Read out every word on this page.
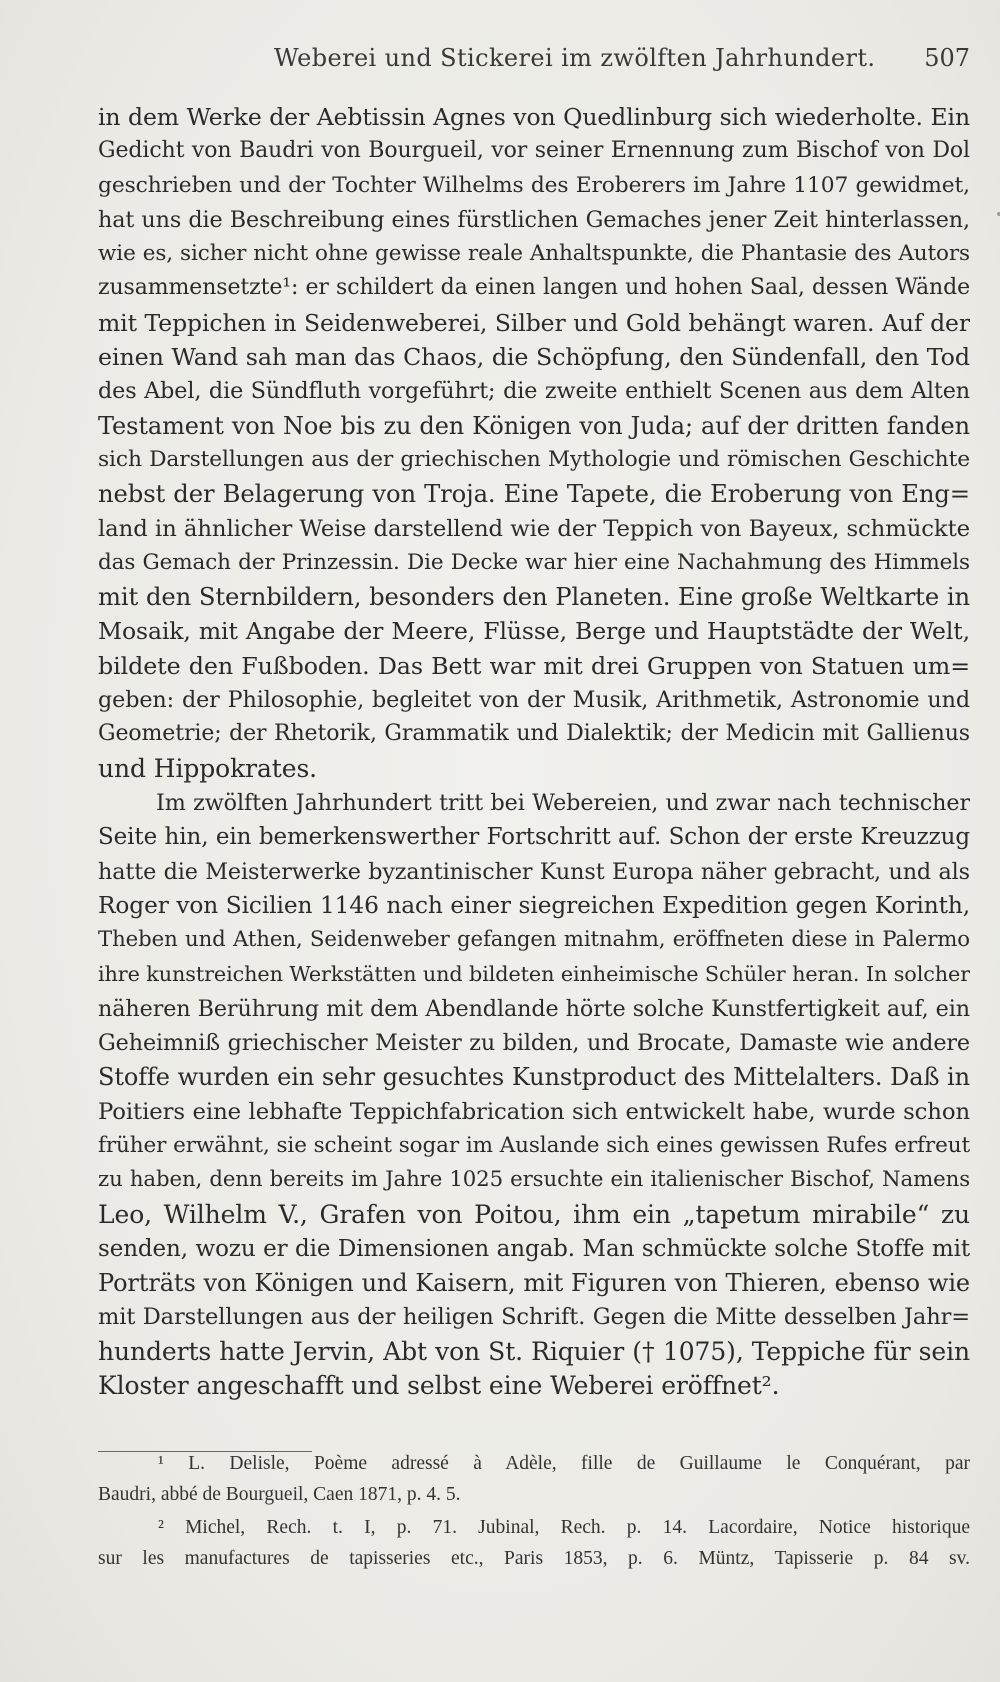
Weberei und Stickerei im zwölften Jahrhundert. 507
in dem Werke der Aebtissin Agnes von Quedlinburg sich wiederholte. Ein
Gedicht von Baudri von Bourgueil, vor seiner Ernennung zum Bischof von Dol
geschrieben und der Tochter Wilhelms des Eroberers im Jahre 1107 gewidmet,
hat uns die Beschreibung eines fürstlichen Gemaches jener Zeit hinterlassen,
wie es, sicher nicht ohne gewisse reale Anhaltspunkte, die Phantasie des Autors
zusammensetzte¹: er schildert da einen langen und hohen Saal, dessen Wände
mit Teppichen in Seidenweberei, Silber und Gold behängt waren. Auf der
einen Wand sah man das Chaos, die Schöpfung, den Sündenfall, den Tod
des Abel, die Sündfluth vorgeführt; die zweite enthielt Scenen aus dem Alten
Testament von Noe bis zu den Königen von Juda; auf der dritten fanden
sich Darstellungen aus der griechischen Mythologie und römischen Geschichte
nebst der Belagerung von Troja. Eine Tapete, die Eroberung von Eng=
land in ähnlicher Weise darstellend wie der Teppich von Bayeux, schmückte
das Gemach der Prinzessin. Die Decke war hier eine Nachahmung des Himmels
mit den Sternbildern, besonders den Planeten. Eine große Weltkarte in
Mosaik, mit Angabe der Meere, Flüsse, Berge und Hauptstädte der Welt,
bildete den Fußboden. Das Bett war mit drei Gruppen von Statuen um=
geben: der Philosophie, begleitet von der Musik, Arithmetik, Astronomie und
Geometrie; der Rhetorik, Grammatik und Dialektik; der Medicin mit Gallienus
und Hippokrates.
Im zwölften Jahrhundert tritt bei Webereien, und zwar nach technischer
Seite hin, ein bemerkenswerther Fortschritt auf. Schon der erste Kreuzzug
hatte die Meisterwerke byzantinischer Kunst Europa näher gebracht, und als
Roger von Sicilien 1146 nach einer siegreichen Expedition gegen Korinth,
Theben und Athen, Seidenweber gefangen mitnahm, eröffneten diese in Palermo
ihre kunstreichen Werkstätten und bildeten einheimische Schüler heran. In solcher
näheren Berührung mit dem Abendlande hörte solche Kunstfertigkeit auf, ein
Geheimniß griechischer Meister zu bilden, und Brocate, Damaste wie andere
Stoffe wurden ein sehr gesuchtes Kunstproduct des Mittelalters. Daß in
Poitiers eine lebhafte Teppichfabrication sich entwickelt habe, wurde schon
früher erwähnt, sie scheint sogar im Auslande sich eines gewissen Rufes erfreut
zu haben, denn bereits im Jahre 1025 ersuchte ein italienischer Bischof, Namens
Leo, Wilhelm V., Grafen von Poitou, ihm ein „tapetum mirabile“ zu
senden, wozu er die Dimensionen angab. Man schmückte solche Stoffe mit
Porträts von Königen und Kaisern, mit Figuren von Thieren, ebenso wie
mit Darstellungen aus der heiligen Schrift. Gegen die Mitte desselben Jahr=
hunderts hatte Jervin, Abt von St. Riquier († 1075), Teppiche für sein
Kloster angeschafft und selbst eine Weberei eröffnet².
¹ L. Delisle, Poème adressé à Adèle, fille de Guillaume le Conquérant, par
Baudri, abbé de Bourgueil, Caen 1871, p. 4. 5.
² Michel, Rech. t. I, p. 71. Jubinal, Rech. p. 14. Lacordaire, Notice historique
sur les manufactures de tapisseries etc., Paris 1853, p. 6. Müntz, Tapisserie p. 84 sv.
